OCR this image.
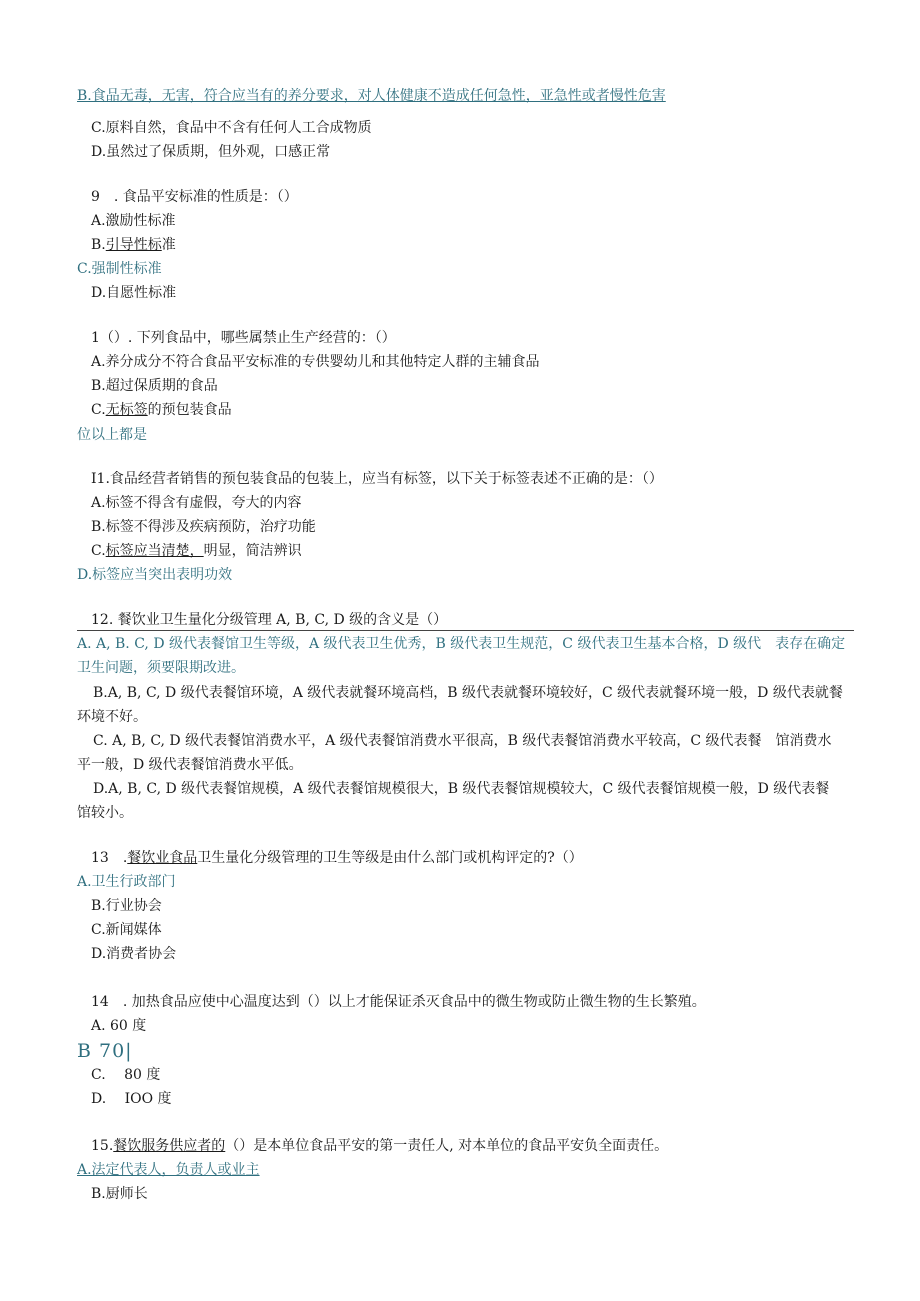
B.食品无毒，无害，符合应当有的养分要求，对人体健康不造成任何急性，亚急性或者慢性危害
C.原料自然，食品中不含有任何人工合成物质
D.虽然过了保质期，但外观，口感正常
9　. 食品平安标准的性质是：（）
A.激励性标准
B.引导性标准
C.强制性标准
D.自愿性标准
1（）. 下列食品中，哪些属禁止生产经营的：（）
A.养分成分不符合食品平安标准的专供婴幼儿和其他特定人群的主辅食品
B.超过保质期的食品
C.无标签的预包装食品
位以上都是
I1.食品经营者销售的预包装食品的包装上，应当有标签，以下关于标签表述不正确的是：（）
A.标签不得含有虚假，夸大的内容
B.标签不得涉及疾病预防，治疗功能
C.标签应当清楚，明显，简洁辨识
D.标签应当突出表明功效
12. 餐饮业卫生量化分级管理 A, B, C, D 级的含义是（）
A. A, B. C, D 级代表餐馆卫生等级，A 级代表卫生优秀，B 级代表卫生规范，C 级代表卫生基本合格，D 级代　表存在确定卫生问题，须要限期改进。
B.A, B, C, D 级代表餐馆环境，A 级代表就餐环境高档，B 级代表就餐环境较好，C 级代表就餐环境一般，D 级代表就餐环境不好。
C. A, B, C, D 级代表餐馆消费水平，A 级代表餐馆消费水平很高，B 级代表餐馆消费水平较高，C 级代表餐　馆消费水平一般，D 级代表餐馆消费水平低。
D.A, B, C, D 级代表餐馆规模，A 级代表餐馆规模很大，B 级代表餐馆规模较大，C 级代表餐馆规模一般，D 级代表餐馆较小。
13　.餐饮业食品卫生量化分级管理的卫生等级是由什么部门或机构评定的?（）
A.卫生行政部门
B.行业协会
C.新闻媒体
D.消费者协会
14　. 加热食品应使中心温度达到（）以上才能保证杀灭食品中的微生物或防止微生物的生长繁殖。
A. 60 度
B 70|
C.　 80 度
D.　 IOO 度
15.餐饮服务供应者的（）是本单位食品平安的第一责任人, 对本单位的食品平安负全面责任。
A.法定代表人，负责人或业主
B.厨师长
